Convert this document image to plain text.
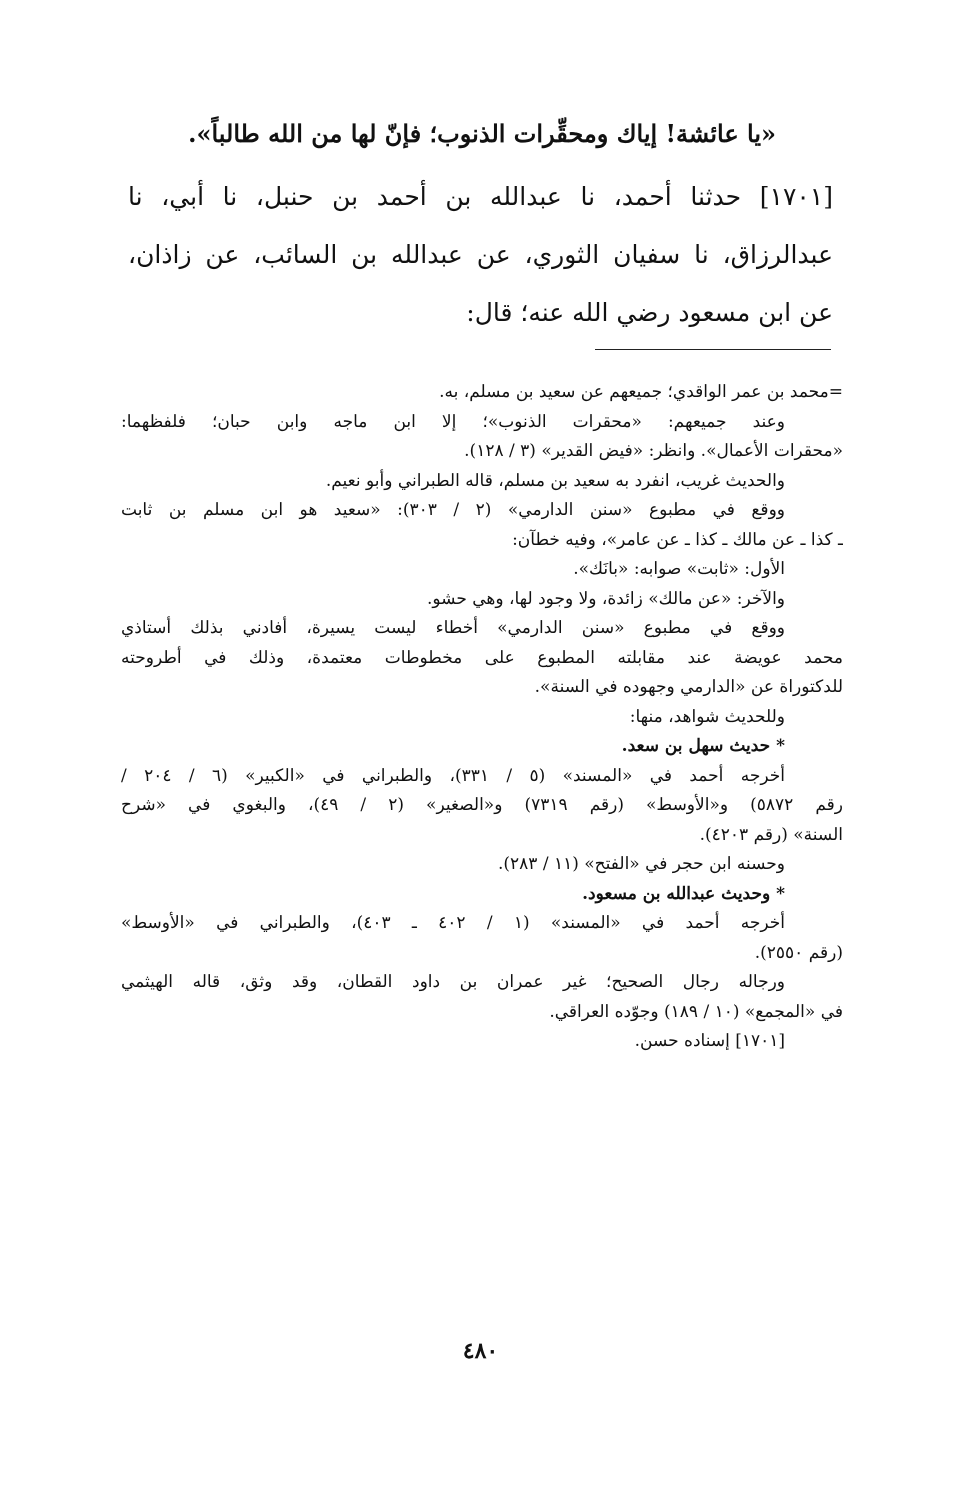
«يا عائشة! إياك ومحقِّرات الذنوب؛ فإنّ لها من الله طالباً».
[١٧٠١] حدثنا أحمد، نا عبدالله بن أحمد بن حنبل، نا أبي، نا
عبدالرزاق، نا سفيان الثوري، عن عبدالله بن السائب، عن زاذان،
عن ابن مسعود رضي الله عنه؛ قال:
=محمد بن عمر الواقدي؛ جميعهم عن سعيد بن مسلم، به.
وعند جميعهم: «محقرات الذنوب»؛ إلا ابن ماجه وابن حبان؛ فلفظهما:
«محقرات الأعمال». وانظر: «فيض القدير» (٣ / ١٢٨).
والحديث غريب، انفرد به سعيد بن مسلم، قاله الطبراني وأبو نعيم.
ووقع في مطبوع «سنن الدارمي» (٢ / ٣٠٣): «سعيد هو ابن مسلم بن ثابت
ـ كذا ـ عن مالك ـ كذا ـ عن عامر»، وفيه خطآن:
الأول: «ثابت» صوابه: «بانَك».
والآخر: «عن مالك» زائدة، ولا وجود لها، وهي حشو.
ووقع في مطبوع «سنن الدارمي» أخطاء ليست يسيرة، أفادني بذلك أستاذي
محمد عويضة عند مقابلته المطبوع على مخطوطات معتمدة، وذلك في أطروحته
للدكتوراة عن «الدارمي وجهوده في السنة».
وللحديث شواهد، منها:
* حديث سهل بن سعد.
أخرجه أحمد في «المسند» (٥ / ٣٣١)، والطبراني في «الكبير» (٦ / ٢٠٤ /
رقم ٥٨٧٢) و«الأوسط» (رقم ٧٣١٩) و«الصغير» (٢ / ٤٩)، والبغوي في «شرح
السنة» (رقم ٤٢٠٣).
وحسنه ابن حجر في «الفتح» (١١ / ٢٨٣).
* وحديث عبدالله بن مسعود.
أخرجه أحمد في «المسند» (١ / ٤٠٢ ـ ٤٠٣)، والطبراني في «الأوسط»
(رقم ٢٥٥٠).
ورجاله رجال الصحيح؛ غير عمران بن داود القطان، وقد وثق، قاله الهيثمي
في «المجمع» (١٠ / ١٨٩) وجوّده العراقي.
[١٧٠١] إسناده حسن.
٤٨٠
